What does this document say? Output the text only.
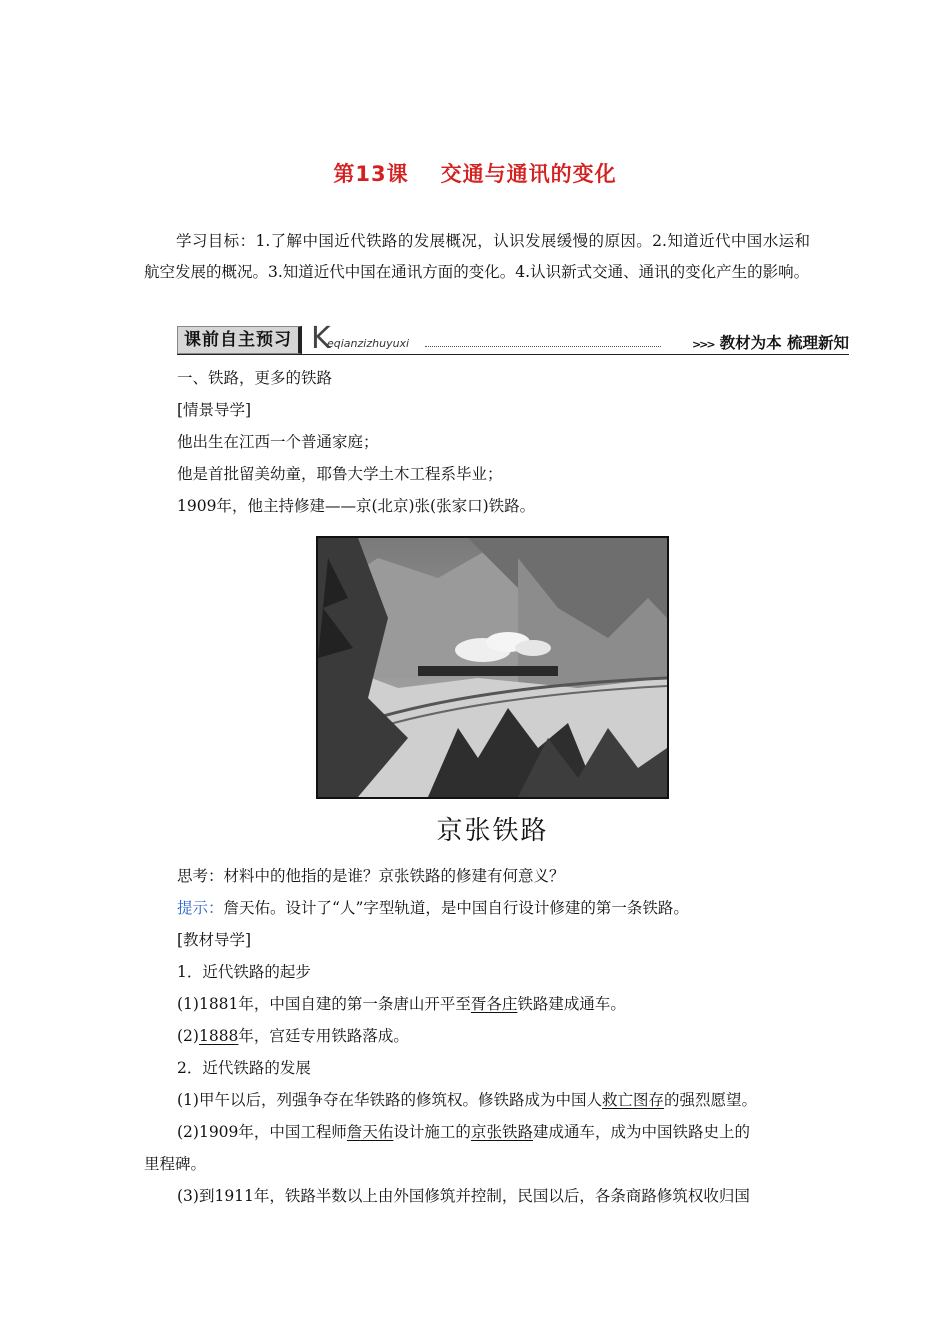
第13课 交通与通讯的变化
学习目标：1.了解中国近代铁路的发展概况，认识发展缓慢的原因。2.知道近代中国水运和航空发展的概况。3.知道近代中国在通讯方面的变化。4.认识新式交通、通讯的变化产生的影响。
课前自主预习 K
eqianzizhuyuxi	>>> 教材为本 梳理新知
一、铁路，更多的铁路
[情景导学]
他出生在江西一个普通家庭；
他是首批留美幼童，耶鲁大学土木工程系毕业；
1909年，他主持修建——京(北京)张(张家口)铁路。
京张铁路
思考：材料中的他指的是谁？京张铁路的修建有何意义？
提示：詹天佑。设计了“人”字型轨道，是中国自行设计修建的第一条铁路。
[教材导学]
1．近代铁路的起步
(1)1881年，中国自建的第一条唐山开平至胥各庄铁路建成通车。
(2)1888年，宫廷专用铁路落成。
2．近代铁路的发展
(1)甲午以后，列强争夺在华铁路的修筑权。修铁路成为中国人救亡图存的强烈愿望。
(2)1909年，中国工程师詹天佑设计施工的京张铁路建成通车，成为中国铁路史上的
里程碑。
(3)到1911年，铁路半数以上由外国修筑并控制，民国以后，各条商路修筑权收归国
